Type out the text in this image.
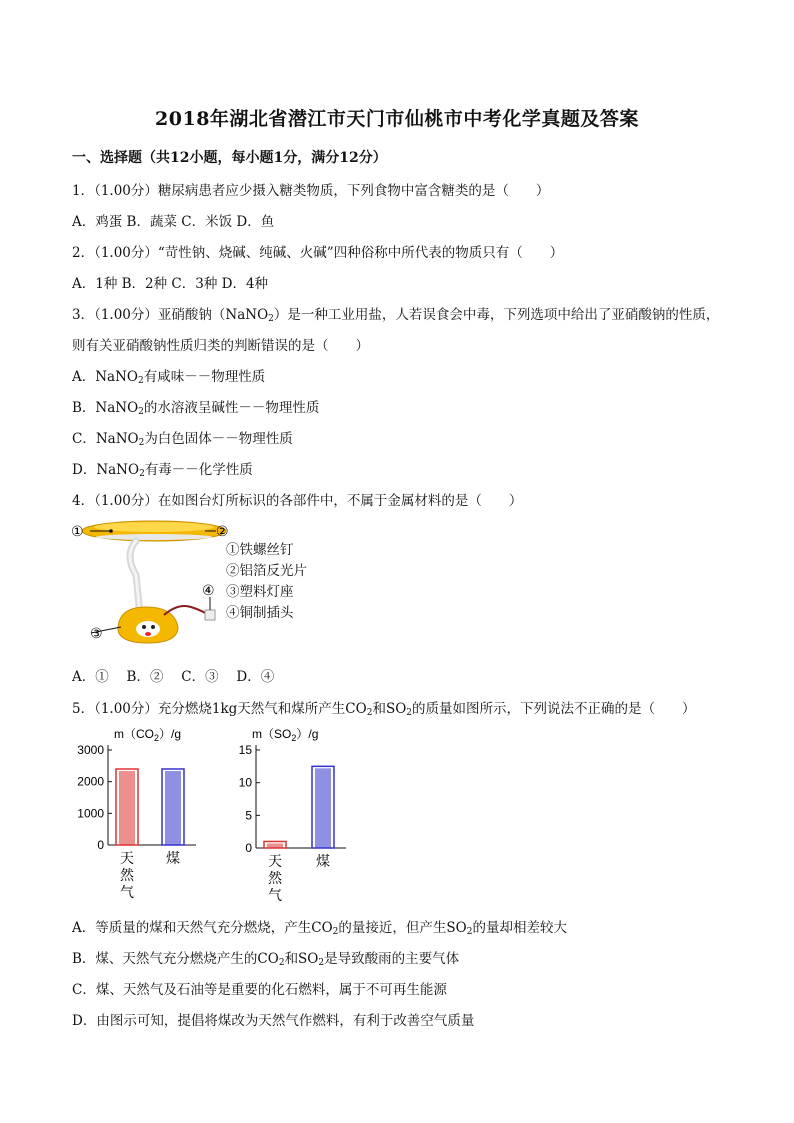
2018年湖北省潜江市天门市仙桃市中考化学真题及答案
一、选择题（共12小题，每小题1分，满分12分）
1．（1.00分）糖尿病患者应少摄入糖类物质，下列食物中富含糖类的是（　　）
A．鸡蛋 B．蔬菜 C．米饭 D．鱼
2．（1.00分）“苛性钠、烧碱、纯碱、火碱”四种俗称中所代表的物质只有（　　）
A．1种 B．2种 C．3种 D．4种
3．（1.00分）亚硝酸钠（NaNO$_2$）是一种工业用盐，人若误食会中毒，下列选项中给出了亚硝酸钠的性质，
则有关亚硝酸钠性质归类的判断错误的是（　　）
A．NaNO$_2$有咸味－－物理性质
B．NaNO$_2$的水溶液呈碱性－－物理性质
C．NaNO$_2$为白色固体－－物理性质
D．NaNO$_2$有毒－－化学性质
4．（1.00分）在如图台灯所标识的各部件中，不属于金属材料的是（　　）
①	②
③
④
①铁螺丝钉
②铝箔反光片
③塑料灯座
④铜制插头
A．①　 B．②　 C．③　 D．④
5．（1.00分）充分燃烧1kg天然气和煤所产生$CO_2$和$SO_2$的质量如图所示，下列说法不正确的是（　　）
$m(CO_2)/g$
0
1000
2000
3000
天
然
气
煤
$m(SO_2)/g$
0
5
10
15
天
然
气
煤
A．等质量的煤和天然气充分燃烧，产生$CO_2$的量接近，但产生$SO_2$的量却相差较大
B．煤、天然气充分燃烧产生的$CO_2$和$SO_2$是导致酸雨的主要气体
C．煤、天然气及石油等是重要的化石燃料，属于不可再生能源
D．由图示可知，提倡将煤改为天然气作燃料，有利于改善空气质量
